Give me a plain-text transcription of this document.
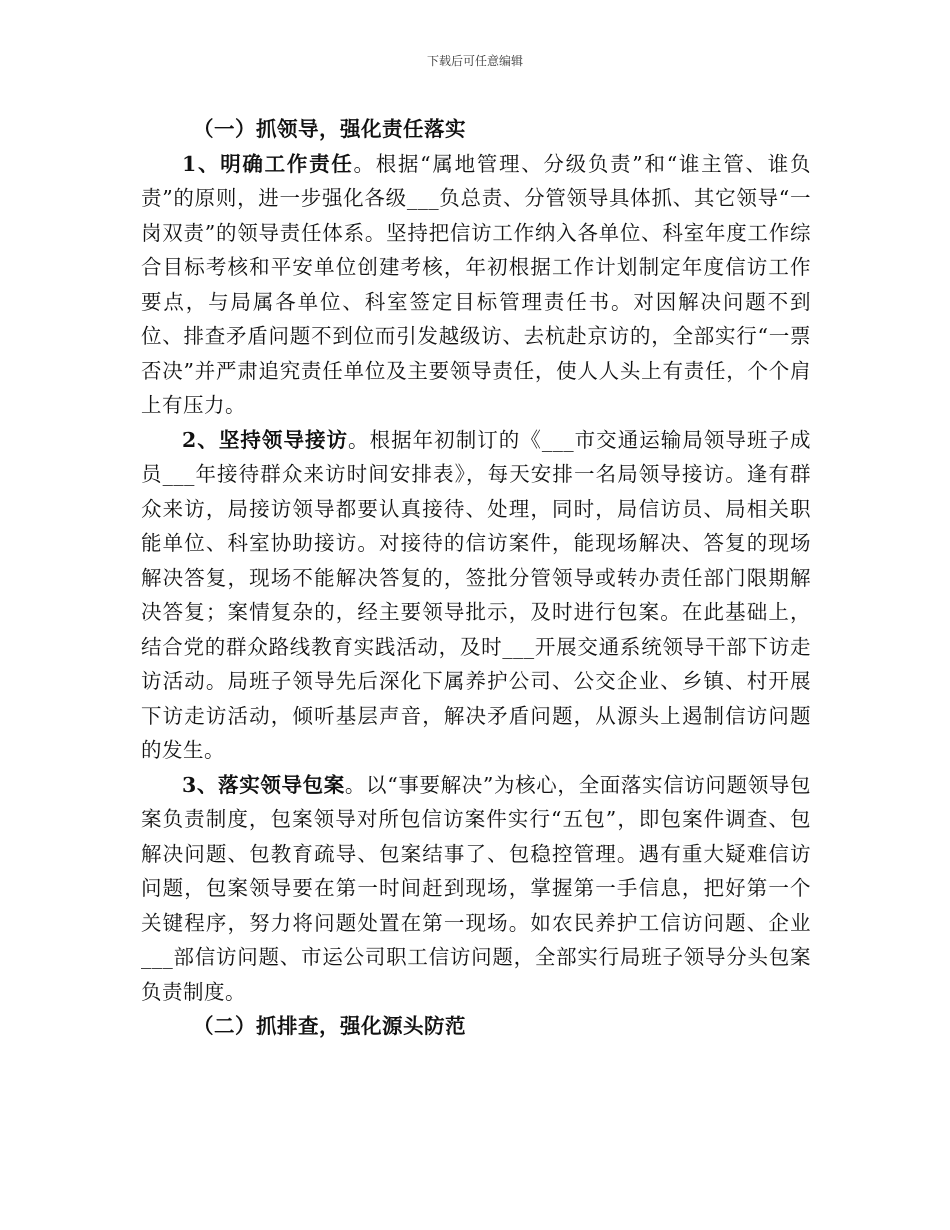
下载后可任意编辑

（一）抓领导，强化责任落实

1、明确工作责任。根据“属地管理、分级负责”和“谁主管、谁负责”的原则，进一步强化各级___负总责、分管领导具体抓、其它领导“一岗双责”的领导责任体系。坚持把信访工作纳入各单位、科室年度工作综合目标考核和平安单位创建考核，年初根据工作计划制定年度信访工作要点，与局属各单位、科室签定目标管理责任书。对因解决问题不到位、排查矛盾问题不到位而引发越级访、去杭赴京访的，全部实行“一票否决”并严肃追究责任单位及主要领导责任，使人人头上有责任，个个肩上有压力。

2、坚持领导接访。根据年初制订的《___市交通运输局领导班子成员___年接待群众来访时间安排表》，每天安排一名局领导接访。逢有群众来访，局接访领导都要认真接待、处理，同时，局信访员、局相关职能单位、科室协助接访。对接待的信访案件，能现场解决、答复的现场解决答复，现场不能解决答复的，签批分管领导或转办责任部门限期解决答复；案情复杂的，经主要领导批示，及时进行包案。在此基础上，结合党的群众路线教育实践活动，及时___开展交通系统领导干部下访走访活动。局班子领导先后深化下属养护公司、公交企业、乡镇、村开展下访走访活动，倾听基层声音，解决矛盾问题，从源头上遏制信访问题的发生。

3、落实领导包案。以“事要解决”为核心，全面落实信访问题领导包案负责制度，包案领导对所包信访案件实行“五包”，即包案件调查、包解决问题、包教育疏导、包案结事了、包稳控管理。遇有重大疑难信访问题，包案领导要在第一时间赶到现场，掌握第一手信息，把好第一个关键程序，努力将问题处置在第一现场。如农民养护工信访问题、企业___部信访问题、市运公司职工信访问题，全部实行局班子领导分头包案负责制度。

（二）抓排查，强化源头防范
